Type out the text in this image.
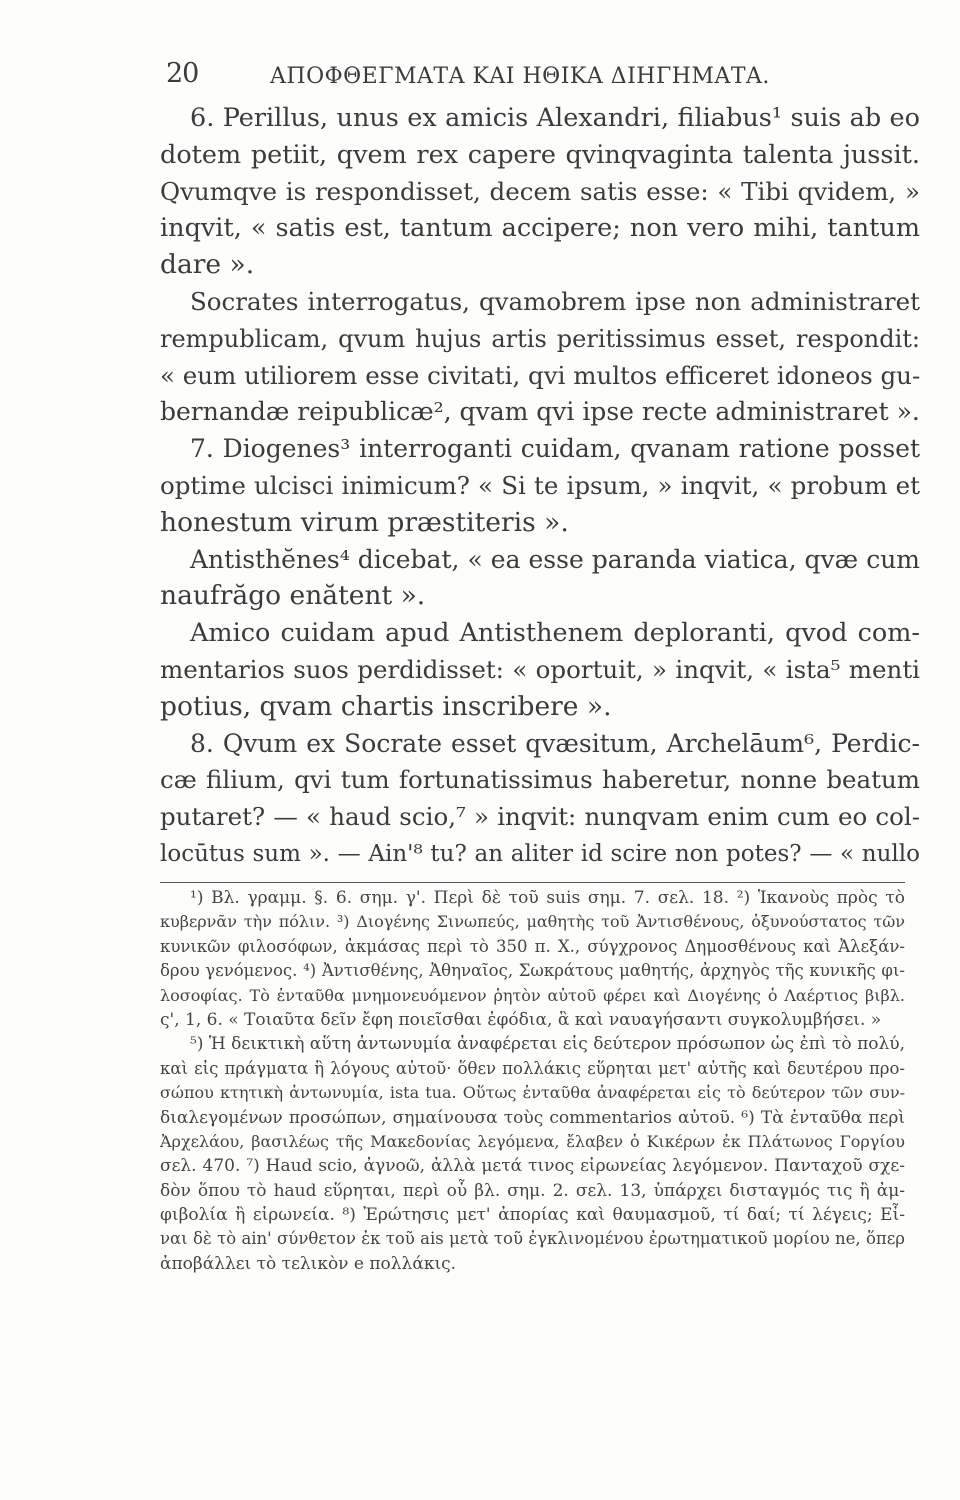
20	ΑΠΟΦΘΕΓΜΑΤΑ ΚΑΙ ΗΘΙΚΑ ΔΙΗΓΗΜΑΤΑ.
6. Perillus, unus ex amicis Alexandri, filiabus¹ suis ab eo
dotem petiit, qvem rex capere qvinqvaginta talenta jussit.
Qvumqve is respondisset, decem satis esse: « Tibi qvidem, »
inqvit, « satis est, tantum accipere; non vero mihi, tantum
dare ».
Socrates interrogatus, qvamobrem ipse non administraret
rempublicam, qvum hujus artis peritissimus esset, respondit:
« eum utiliorem esse civitati, qvi multos efficeret idoneos gu-
bernandæ reipublicæ², qvam qvi ipse recte administraret ».
7. Diogenes³ interroganti cuidam, qvanam ratione posset
optime ulcisci inimicum? « Si te ipsum, » inqvit, « probum et
honestum virum præstiteris ».
Antisthĕnes⁴ dicebat, « ea esse paranda viatica, qvæ cum
naufrăgo enătent ».
Amico cuidam apud Antisthenem deploranti, qvod com-
mentarios suos perdidisset: « oportuit, » inqvit, « ista⁵ menti
potius, qvam chartis inscribere ».
8. Qvum ex Socrate esset qvæsitum, Archelāum⁶, Perdic-
cæ filium, qvi tum fortunatissimus haberetur, nonne beatum
putaret? — « haud scio,⁷ » inqvit: nunqvam enim cum eo col-
locūtus sum ». — Ain'⁸ tu? an aliter id scire non potes? — « nullo
¹) Βλ. γραμμ. §. 6. σημ. γ'. Περὶ δὲ τοῦ suis σημ. 7. σελ. 18. ²) Ἱκανοὺς πρὸς τὸ
κυβερνᾶν τὴν πόλιν. ³) Διογένης Σινωπεύς, μαθητὴς τοῦ Ἀντισθένους, ὀξυνούστατος τῶν
κυνικῶν φιλοσόφων, ἀκμάσας περὶ τὸ 350 π. Χ., σύγχρονος Δημοσθένους καὶ Ἀλεξάν-
δρου γενόμενος. ⁴) Ἀντισθένης, Ἀθηναῖος, Σωκράτους μαθητής, ἀρχηγὸς τῆς κυνικῆς φι-
λοσοφίας. Τὸ ἐνταῦθα μνημονευόμενον ῥητὸν αὐτοῦ φέρει καὶ Διογένης ὁ Λαέρτιος βιβλ.
ς', 1, 6. « Τοιαῦτα δεῖν ἔφη ποιεῖσθαι ἐφόδια, ἃ καὶ ναυαγήσαντι συγκολυμβήσει. »
⁵) Ἡ δεικτικὴ αὕτη ἀντωνυμία ἀναφέρεται εἰς δεύτερον πρόσωπον ὡς ἐπὶ τὸ πολύ,
καὶ εἰς πράγματα ἢ λόγους αὐτοῦ· ὅθεν πολλάκις εὕρηται μετ' αὐτῆς καὶ δευτέρου προ-
σώπου κτητικὴ ἀντωνυμία, ista tua. Οὕτως ἐνταῦθα ἀναφέρεται εἰς τὸ δεύτερον τῶν συν-
διαλεγομένων προσώπων, σημαίνουσα τοὺς commentarios αὐτοῦ. ⁶) Τὰ ἐνταῦθα περὶ
Ἀρχελάου, βασιλέως τῆς Μακεδονίας λεγόμενα, ἔλαβεν ὁ Κικέρων ἐκ Πλάτωνος Γοργίου
σελ. 470. ⁷) Haud scio, ἀγνοῶ, ἀλλὰ μετά τινος εἰρωνείας λεγόμενον. Πανταχοῦ σχε-
δὸν ὅπου τὸ haud εὕρηται, περὶ οὗ βλ. σημ. 2. σελ. 13, ὑπάρχει δισταγμός τις ἢ ἀμ-
φιβολία ἢ εἰρωνεία. ⁸) Ἐρώτησις μετ' ἀπορίας καὶ θαυμασμοῦ, τί δαί; τί λέγεις; Εἶ-
ναι δὲ τὸ ain' σύνθετον ἐκ τοῦ ais μετὰ τοῦ ἐγκλινομένου ἐρωτηματικοῦ μορίου ne, ὅπερ
ἀποβάλλει τὸ τελικὸν e πολλάκις.
